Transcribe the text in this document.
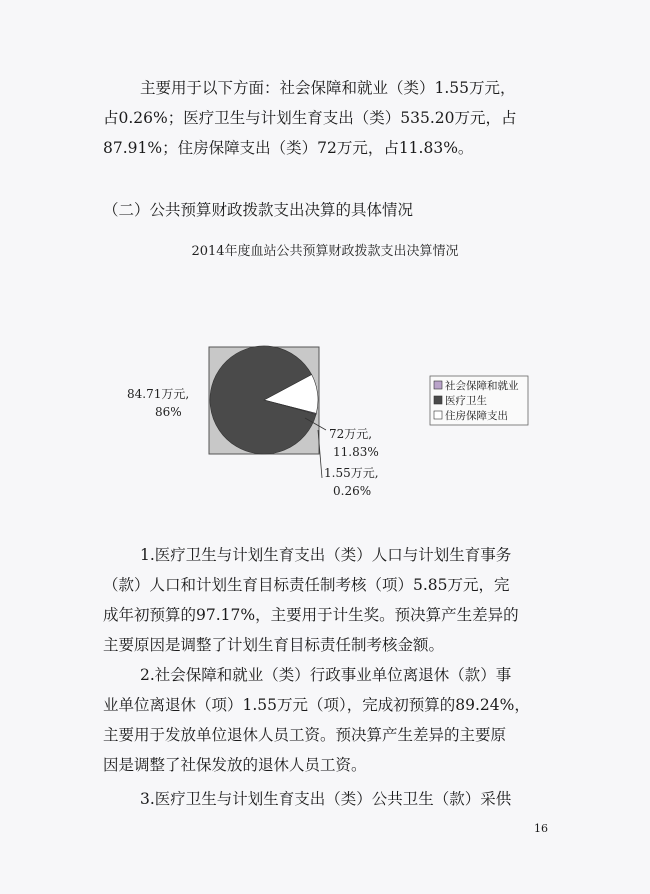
主要用于以下方面：社会保障和就业（类）1.55万元，
占0.26%；医疗卫生与计划生育支出（类）535.20万元，占
87.91%；住房保障支出（类）72万元，占11.83%。
（二）公共预算财政拨款支出决算的具体情况
2014年度血站公共预算财政拨款支出决算情况
84.71万元,
86%
72万元,
11.83%
1.55万元,
0.26%
社会保障和就业
医疗卫生
住房保障支出
1.医疗卫生与计划生育支出（类）人口与计划生育事务
（款）人口和计划生育目标责任制考核（项）5.85万元，完
成年初预算的97.17%，主要用于计生奖。预决算产生差异的
主要原因是调整了计划生育目标责任制考核金额。
2.社会保障和就业（类）行政事业单位离退休（款）事
业单位离退休（项）1.55万元（项），完成初预算的89.24%，
主要用于发放单位退休人员工资。预决算产生差异的主要原
因是调整了社保发放的退休人员工资。
3.医疗卫生与计划生育支出（类）公共卫生（款）采供
16
